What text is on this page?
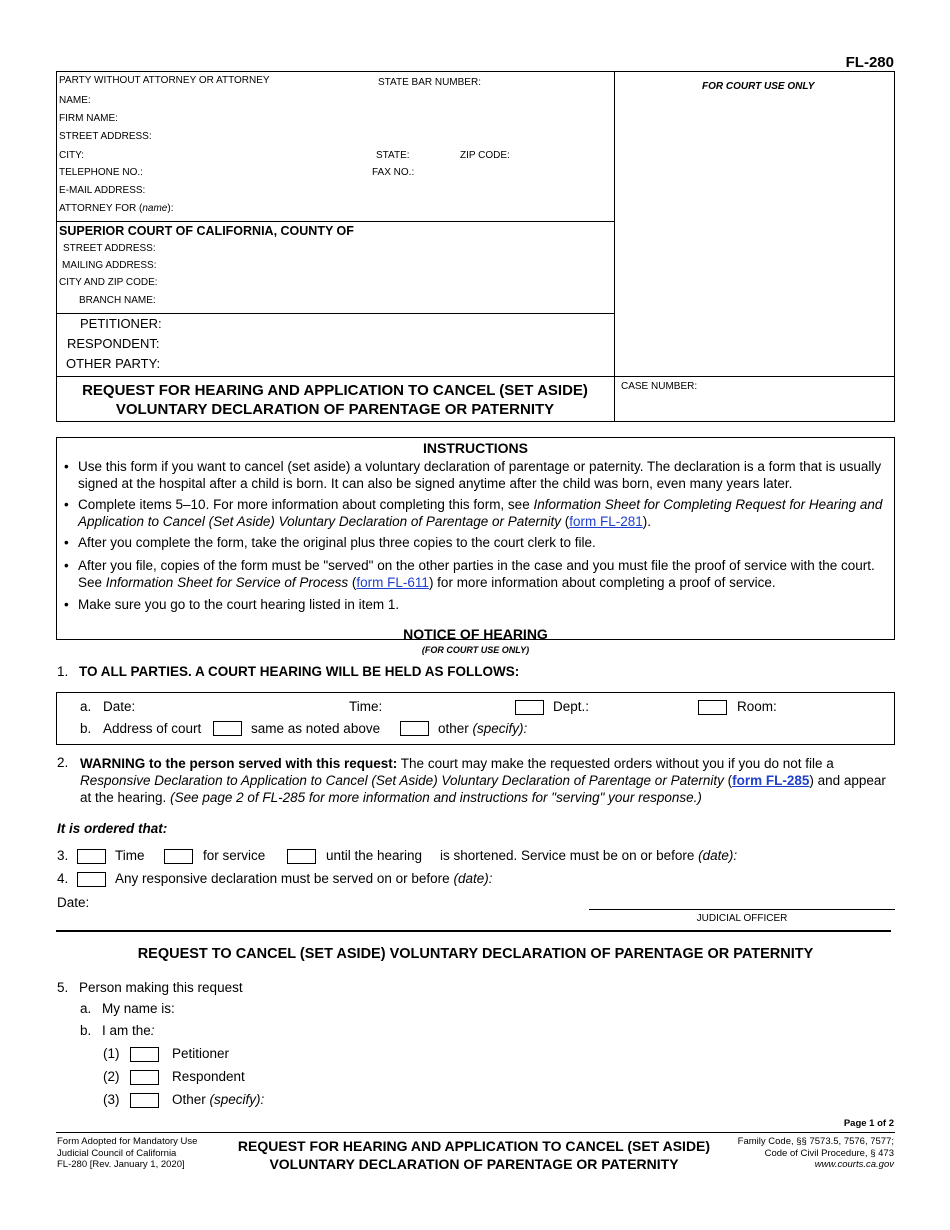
FL-280
PARTY WITHOUT ATTORNEY OR ATTORNEY	STATE BAR NUMBER:	FOR COURT USE ONLY
NAME:
FIRM NAME:
STREET ADDRESS:
CITY:	STATE:	ZIP CODE:
TELEPHONE NO.:	FAX NO.:
E-MAIL ADDRESS:
ATTORNEY FOR (name):
SUPERIOR COURT OF CALIFORNIA, COUNTY OF
STREET ADDRESS:
MAILING ADDRESS:
CITY AND ZIP CODE:
BRANCH NAME:
PETITIONER:
RESPONDENT:
OTHER PARTY:
REQUEST FOR HEARING AND APPLICATION TO CANCEL (SET ASIDE)
VOLUNTARY DECLARATION OF PARENTAGE OR PATERNITY
CASE NUMBER:
INSTRUCTIONS
• Use this form if you want to cancel (set aside) a voluntary declaration of parentage or paternity. The declaration is a form that is usually signed at the hospital after a child is born. It can also be signed anytime after the child was born, even many years later.
• Complete items 5–10. For more information about completing this form, see Information Sheet for Completing Request for Hearing and Application to Cancel (Set Aside) Voluntary Declaration of Parentage or Paternity (form FL-281).
• After you complete the form, take the original plus three copies to the court clerk to file.
• After you file, copies of the form must be "served" on the other parties in the case and you must file the proof of service with the court. See Information Sheet for Service of Process (form FL-611) for more information about completing a proof of service.
• Make sure you go to the court hearing listed in item 1.
NOTICE OF HEARING
(FOR COURT USE ONLY)
1. TO ALL PARTIES. A COURT HEARING WILL BE HELD AS FOLLOWS:
a. Date:	Time:	Dept.:	Room:
b. Address of court	same as noted above	other (specify):
2. WARNING to the person served with this request: The court may make the requested orders without you if you do not file a Responsive Declaration to Application to Cancel (Set Aside) Voluntary Declaration of Parentage or Paternity (form FL-285) and appear at the hearing. (See page 2 of FL-285 for more information and instructions for "serving" your response.)
It is ordered that:
3.	Time	for service	until the hearing is shortened. Service must be on or before (date):
4.	Any responsive declaration must be served on or before (date):
Date:
JUDICIAL OFFICER
REQUEST TO CANCEL (SET ASIDE) VOLUNTARY DECLARATION OF PARENTAGE OR PATERNITY
5. Person making this request
a. My name is:
b. I am the:
(1)	Petitioner
(2)	Respondent
(3)	Other (specify):
Page 1 of 2
Form Adopted for Mandatory Use
Judicial Council of California
FL-280 [Rev. January 1, 2020]
REQUEST FOR HEARING AND APPLICATION TO CANCEL (SET ASIDE)
VOLUNTARY DECLARATION OF PARENTAGE OR PATERNITY
Family Code, §§ 7573.5, 7576, 7577;
Code of Civil Procedure, § 473
www.courts.ca.gov
